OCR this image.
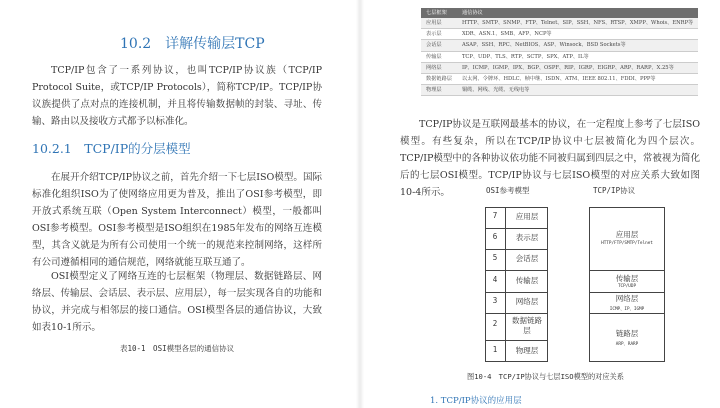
10.2　详解传输层TCP

TCP/IP包含了一系列协议，也叫TCP/IP协议族（TCP/IP Protocol Suite，或TCP/IP Protocols），简称TCP/IP。TCP/IP协议族提供了点对点的连接机制，并且将传输数据帧的封装、寻址、传输、路由以及接收方式都予以标准化。

10.2.1　TCP/IP的分层模型

在展开介绍TCP/IP协议之前，首先介绍一下七层ISO模型。国际标准化组织ISO为了使网络应用更为普及，推出了OSI参考模型，即开放式系统互联（Open System Interconnect）模型，一般都叫OSI参考模型。OSI参考模型是ISO组织在1985年发布的网络互连模型，其含义就是为所有公司使用一个统一的规范来控制网络，这样所有公司遵循相同的通信规范，网络就能互联互通了。

OSI模型定义了网络互连的七层框架（物理层、数据链路层、网络层、传输层、会话层、表示层、应用层），每一层实现各自的功能和协议，并完成与相邻层的接口通信。OSI模型各层的通信协议，大致如表10-1所示。

表10-1　OSI模型各层的通信协议
七层框架	通信协议
应用层	HTTP、SMTP、SNMP、FTP、Telnet、SIP、SSH、NFS、RTSP、XMPP、Whois、ENRP等
表示层	XDR、ASN.1、SMB、AFP、NCP等
会话层	ASAP、SSH、RPC、NetBIOS、ASP、Winsock、BSD Sockets等
传输层	TCP、UDP、TLS、RTP、SCTP、SPX、ATP、IL等
网络层	IP、ICMP、IGMP、IPX、BGP、OSPF、RIP、IGRP、EIGRP、ARP、RARP、X.25等
数据链路层	以太网、令牌环、HDLC、帧中继、ISDN、ATM、IEEE 802.11、FDDI、PPP等
物理层	铜缆、网线、光缆、无线电等

TCP/IP协议是互联网最基本的协议，在一定程度上参考了七层ISO模型。有些复杂，所以在TCP/IP协议中七层被简化为四个层次。TCP/IP模型中的各种协议依功能不同被归属到四层之中，常被视为简化后的七层OSI模型。TCP/IP协议与七层ISO模型的对应关系大致如图10-4所示。	OSI参考模型	TCP/IP协议
7	应用层
6	表示层
5	会话层
4	传输层
3	网络层
2	数据链路层
1	物理层
应用层
HTTP/FTP/SMTP/Telnet
传输层
TCP/UDP
网络层
ICMP、IP、IGMP
链路层
ARP、RARP
图10-4　TCP/IP协议与七层ISO模型的对应关系
1. TCP/IP协议的应用层
